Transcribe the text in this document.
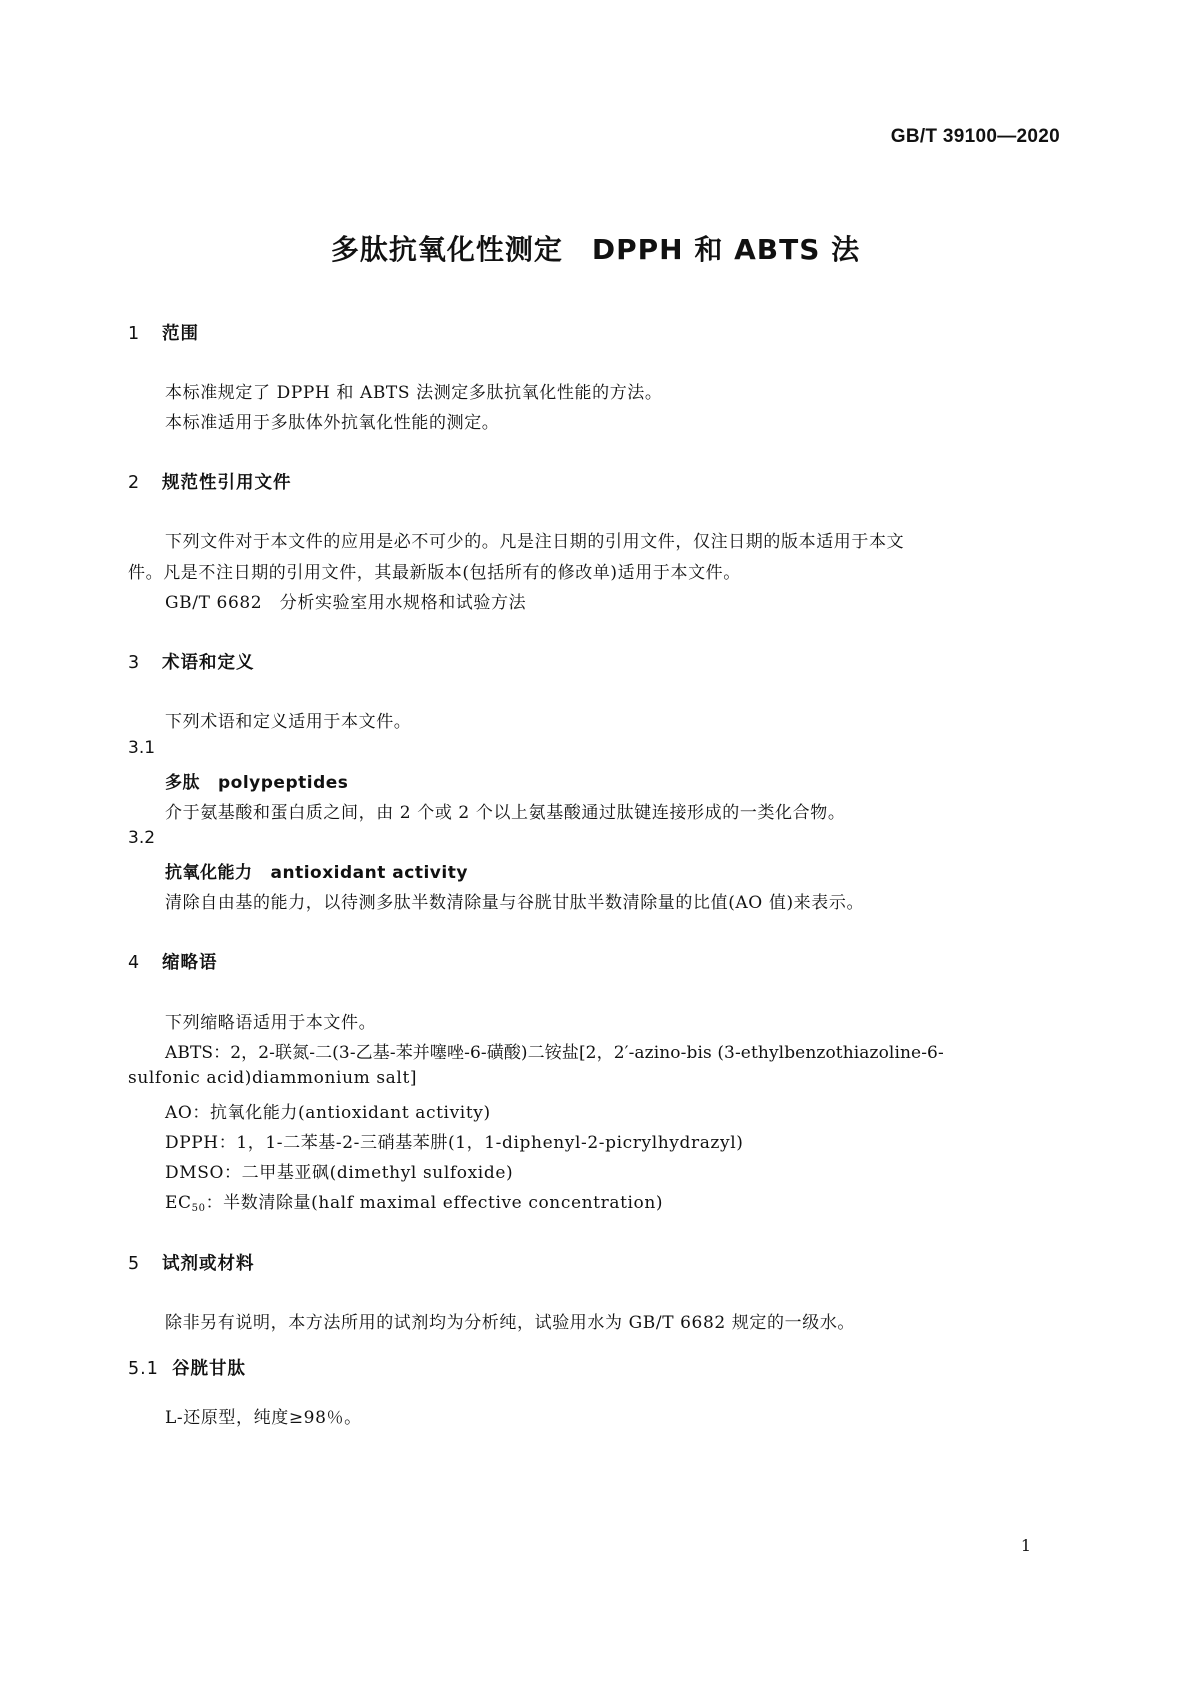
GB/T 39100—2020
多肽抗氧化性测定　DPPH 和 ABTS 法
1 范围
本标准规定了 DPPH 和 ABTS 法测定多肽抗氧化性能的方法。
本标准适用于多肽体外抗氧化性能的测定。
2 规范性引用文件
下列文件对于本文件的应用是必不可少的。凡是注日期的引用文件，仅注日期的版本适用于本文
件。凡是不注日期的引用文件，其最新版本(包括所有的修改单)适用于本文件。
GB/T 6682　分析实验室用水规格和试验方法
3 术语和定义
下列术语和定义适用于本文件。
3.1
多肽 polypeptides
介于氨基酸和蛋白质之间，由 2 个或 2 个以上氨基酸通过肽键连接形成的一类化合物。
3.2
抗氧化能力 antioxidant activity
清除自由基的能力，以待测多肽半数清除量与谷胱甘肽半数清除量的比值(AO 值)来表示。
4 缩略语
下列缩略语适用于本文件。
ABTS：2，2-联氮-二(3-乙基-苯并噻唑-6-磺酸)二铵盐[2，2′-azino-bis (3-ethylbenzothiazoline-6-
sulfonic acid)diammonium salt]
AO：抗氧化能力(antioxidant activity)
DPPH：1，1-二苯基-2-三硝基苯肼(1，1-diphenyl-2-picrylhydrazyl)
DMSO：二甲基亚砜(dimethyl sulfoxide)
$EC_{50}$：半数清除量(half maximal effective concentration)
5 试剂或材料
除非另有说明，本方法所用的试剂均为分析纯，试验用水为 GB/T 6682 规定的一级水。
5.1 谷胱甘肽
L-还原型，纯度≥98％。
1
